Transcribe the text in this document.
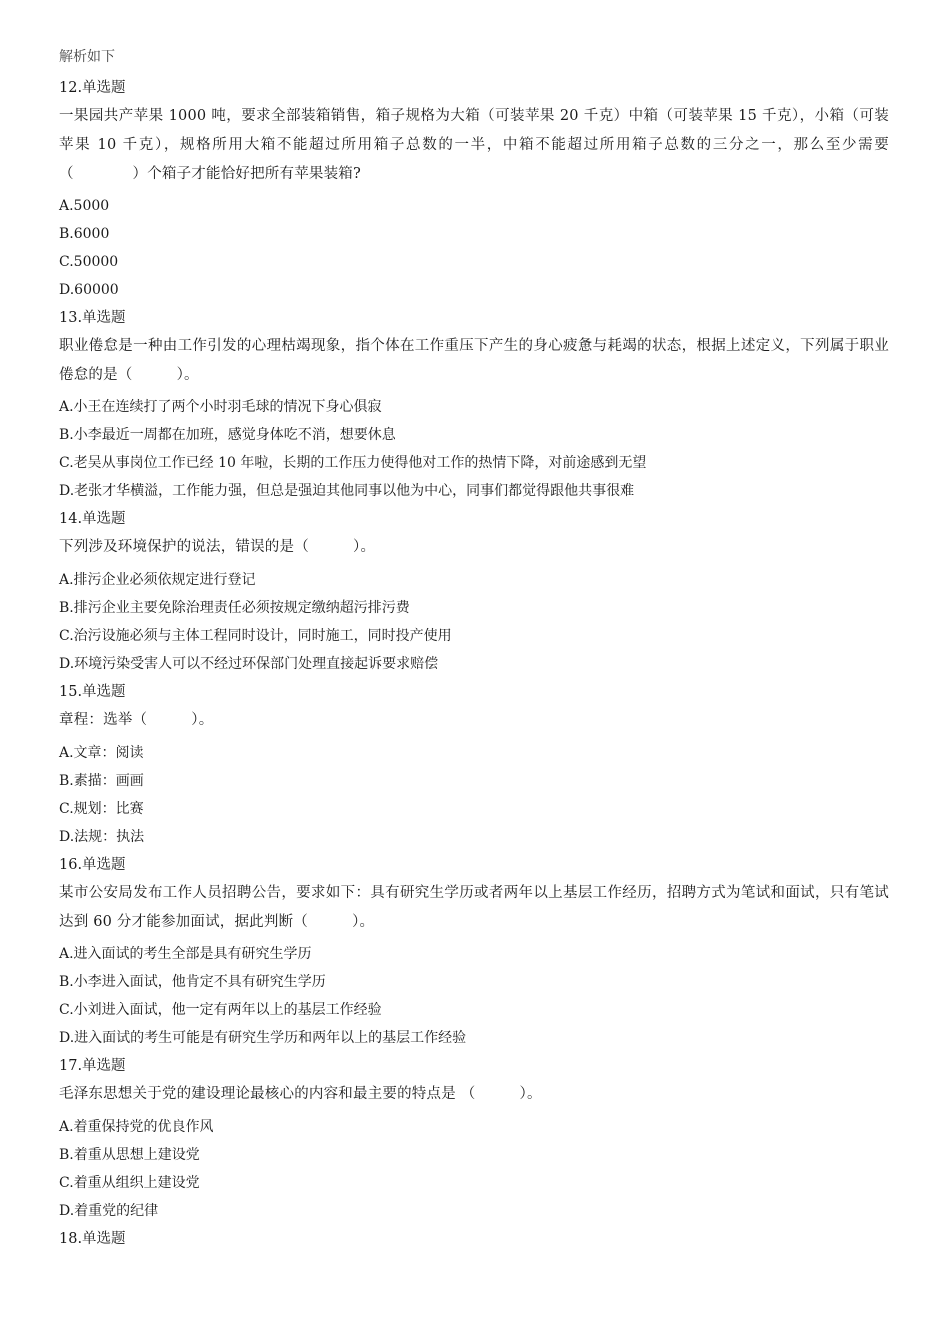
解析如下
12.单选题
一果园共产苹果 1000 吨，要求全部装箱销售，箱子规格为大箱（可装苹果 20 千克）中箱（可装苹果 15 千克），小箱（可装苹果 10 千克），规格所用大箱不能超过所用箱子总数的一半，中箱不能超过所用箱子总数的三分之一，那么至少需要（　　　　）个箱子才能恰好把所有苹果装箱?
A.5000
B.6000
C.50000
D.60000
13.单选题
职业倦怠是一种由工作引发的心理枯竭现象，指个体在工作重压下产生的身心疲惫与耗竭的状态，根据上述定义，下列属于职业倦怠的是（　　　）。
A.小王在连续打了两个小时羽毛球的情况下身心俱寂
B.小李最近一周都在加班，感觉身体吃不消，想要休息
C.老吴从事岗位工作已经 10 年啦，长期的工作压力使得他对工作的热情下降，对前途感到无望
D.老张才华横溢，工作能力强，但总是强迫其他同事以他为中心，同事们都觉得跟他共事很难
14.单选题
下列涉及环境保护的说法，错误的是（　　　）。
A.排污企业必须依规定进行登记
B.排污企业主要免除治理责任必须按规定缴纳超污排污费
C.治污设施必须与主体工程同时设计，同时施工，同时投产使用
D.环境污染受害人可以不经过环保部门处理直接起诉要求赔偿
15.单选题
章程：选举（　　　）。
A.文章：阅读
B.素描：画画
C.规划：比赛
D.法规：执法
16.单选题
某市公安局发布工作人员招聘公告，要求如下：具有研究生学历或者两年以上基层工作经历，招聘方式为笔试和面试，只有笔试达到 60 分才能参加面试，据此判断（　　　）。
A.进入面试的考生全部是具有研究生学历
B.小李进入面试，他肯定不具有研究生学历
C.小刘进入面试，他一定有两年以上的基层工作经验
D.进入面试的考生可能是有研究生学历和两年以上的基层工作经验
17.单选题
毛泽东思想关于党的建设理论最核心的内容和最主要的特点是 （　　　）。
A.着重保持党的优良作风
B.着重从思想上建设党
C.着重从组织上建设党
D.着重党的纪律
18.单选题
